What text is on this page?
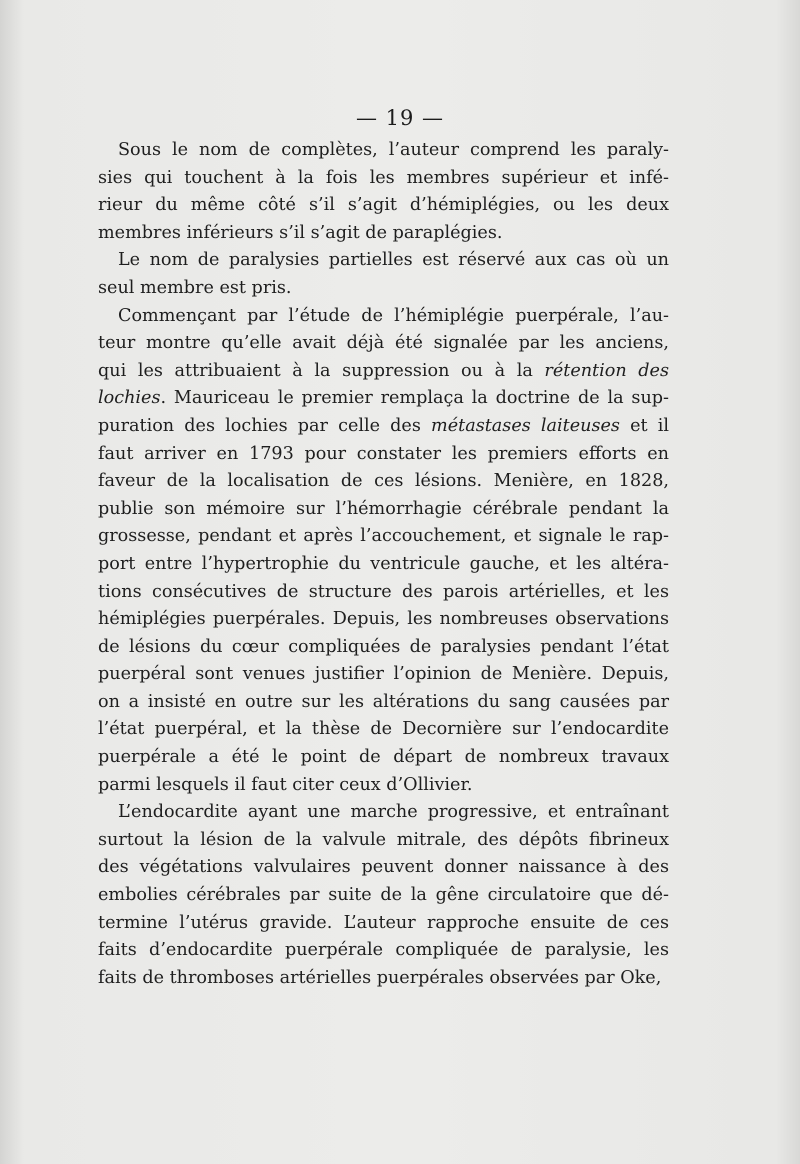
— 19 —
Sous le nom de complètes, l’auteur comprend les paraly-
sies qui touchent à la fois les membres supérieur et infé-
rieur du même côté s’il s’agit d’hémiplégies, ou les deux
membres inférieurs s’il s’agit de paraplégies.
Le nom de paralysies partielles est réservé aux cas où un
seul membre est pris.
Commençant par l’étude de l’hémiplégie puerpérale, l’au-
teur montre qu’elle avait déjà été signalée par les anciens,
qui les attribuaient à la suppression ou à la rétention des
lochies. Mauriceau le premier remplaça la doctrine de la sup-
puration des lochies par celle des métastases laiteuses et il
faut arriver en 1793 pour constater les premiers efforts en
faveur de la localisation de ces lésions. Menière, en 1828,
publie son mémoire sur l’hémorrhagie cérébrale pendant la
grossesse, pendant et après l’accouchement, et signale le rap-
port entre l’hypertrophie du ventricule gauche, et les altéra-
tions consécutives de structure des parois artérielles, et les
hémiplégies puerpérales. Depuis, les nombreuses observations
de lésions du cœur compliquées de paralysies pendant l’état
puerpéral sont venues justifier l’opinion de Menière. Depuis,
on a insisté en outre sur les altérations du sang causées par
l’état puerpéral, et la thèse de Decornière sur l’endocardite
puerpérale a été le point de départ de nombreux travaux
parmi lesquels il faut citer ceux d’Ollivier.
L’endocardite ayant une marche progressive, et entraînant
surtout la lésion de la valvule mitrale, des dépôts fibrineux
des végétations valvulaires peuvent donner naissance à des
embolies cérébrales par suite de la gêne circulatoire que dé-
termine l’utérus gravide. L’auteur rapproche ensuite de ces
faits d’endocardite puerpérale compliquée de paralysie, les
faits de thromboses artérielles puerpérales observées par Oke,
